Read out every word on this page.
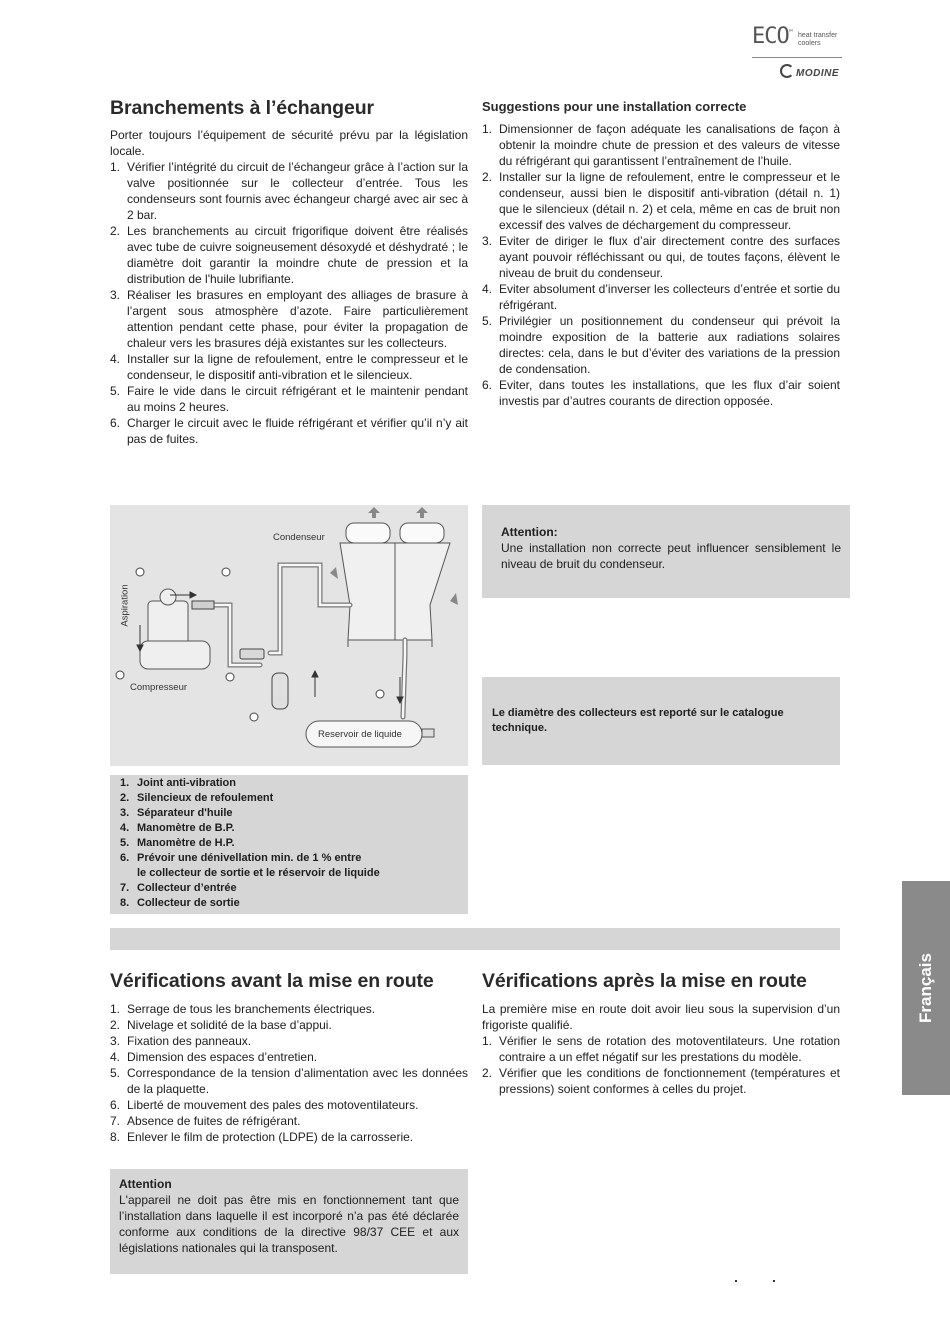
ECO™ heat transfer
coolers
MODINE
Branchements à l’échangeur

Porter toujours l’équipement de sécurité prévu par la législation locale.

1. Vérifier l’intégrité du circuit de l’échangeur grâce à l’action sur la valve positionnée sur le collecteur d’entrée. Tous les condenseurs sont fournis avec échangeur chargé avec air sec à 2 bar.
2. Les branchements au circuit frigorifique doivent être réalisés avec tube de cuivre soigneusement désoxydé et déshydraté ; le diamètre doit garantir la moindre chute de pression et la distribution de l'huile lubrifiante.
3. Réaliser les brasures en employant des alliages de brasure à l’argent sous atmosphère d’azote. Faire particulièrement attention pendant cette phase, pour éviter la propagation de chaleur vers les brasures déjà existantes sur les collecteurs.
4. Installer sur la ligne de refoulement, entre le compresseur et le condenseur, le dispositif anti-vibration et le silencieux.
5. Faire le vide dans le circuit réfrigérant et le maintenir pendant au moins 2 heures.
6. Charger le circuit avec le fluide réfrigérant et vérifier qu’il n’y ait pas de fuites.
Suggestions pour une installation correcte
1. Dimensionner de façon adéquate les canalisations de façon à obtenir la moindre chute de pression et des valeurs de vitesse du réfrigérant qui garantissent l’entraînement de l’huile.
2. Installer sur la ligne de refoulement, entre le compresseur et le condenseur, aussi bien le dispositif anti-vibration (détail n. 1) que le silencieux (détail n. 2) et cela, même en cas de bruit non excessif des valves de déchargement du compresseur.
3. Eviter de diriger le flux d’air directement contre des surfaces ayant pouvoir réfléchissant ou qui, de toutes façons, élèvent le niveau de bruit du condenseur.
4. Eviter absolument d’inverser les collecteurs d’entrée et sortie du réfrigérant.
5. Privilégier un positionnement du condenseur qui prévoit la moindre exposition de la batterie aux radiations solaires directes: cela, dans le but d’éviter des variations de la pression de condensation.
6. Eviter, dans toutes les installations, que les flux d’air soient investis par d’autres courants de direction opposée.
Condenseur
Aspiration
Compresseur
Reservoir de liquide
Attention:
Une installation non correcte peut influencer sensiblement le niveau de bruit du condenseur.
Le diamètre des collecteurs est reporté sur le catalogue technique.
1. Joint anti-vibration
2. Silencieux de refoulement
3. Séparateur d'huile
4. Manomètre de B.P.
5. Manomètre de H.P.
6. Prévoir une dénivellation min. de 1 % entre
le collecteur de sortie et le réservoir de liquide
7. Collecteur d’entrée
8. Collecteur de sortie
Vérifications avant la mise en route
1. Serrage de tous les branchements électriques.
2. Nivelage et solidité de la base d’appui.
3. Fixation des panneaux.
4. Dimension des espaces d’entretien.
5. Correspondance de la tension d’alimentation avec les données de la plaquette.
6. Liberté de mouvement des pales des motoventilateurs.
7. Absence de fuites de réfrigérant.
8. Enlever le film de protection (LDPE) de la carrosserie.
Attention
L'appareil ne doit pas être mis en fonctionnement tant que l’installation dans laquelle il est incorporé n’a pas été déclarée conforme aux conditions de la directive 98/37 CEE et aux législations nationales qui la transposent.
Vérifications après la mise en route

La première mise en route doit avoir lieu sous la supervision d’un frigoriste qualifié.

1. Vérifier le sens de rotation des motoventilateurs. Une rotation contraire a un effet négatif sur les prestations du modèle.
2. Vérifier que les conditions de fonctionnement (températures et pressions) soient conformes à celles du projet.
Français
